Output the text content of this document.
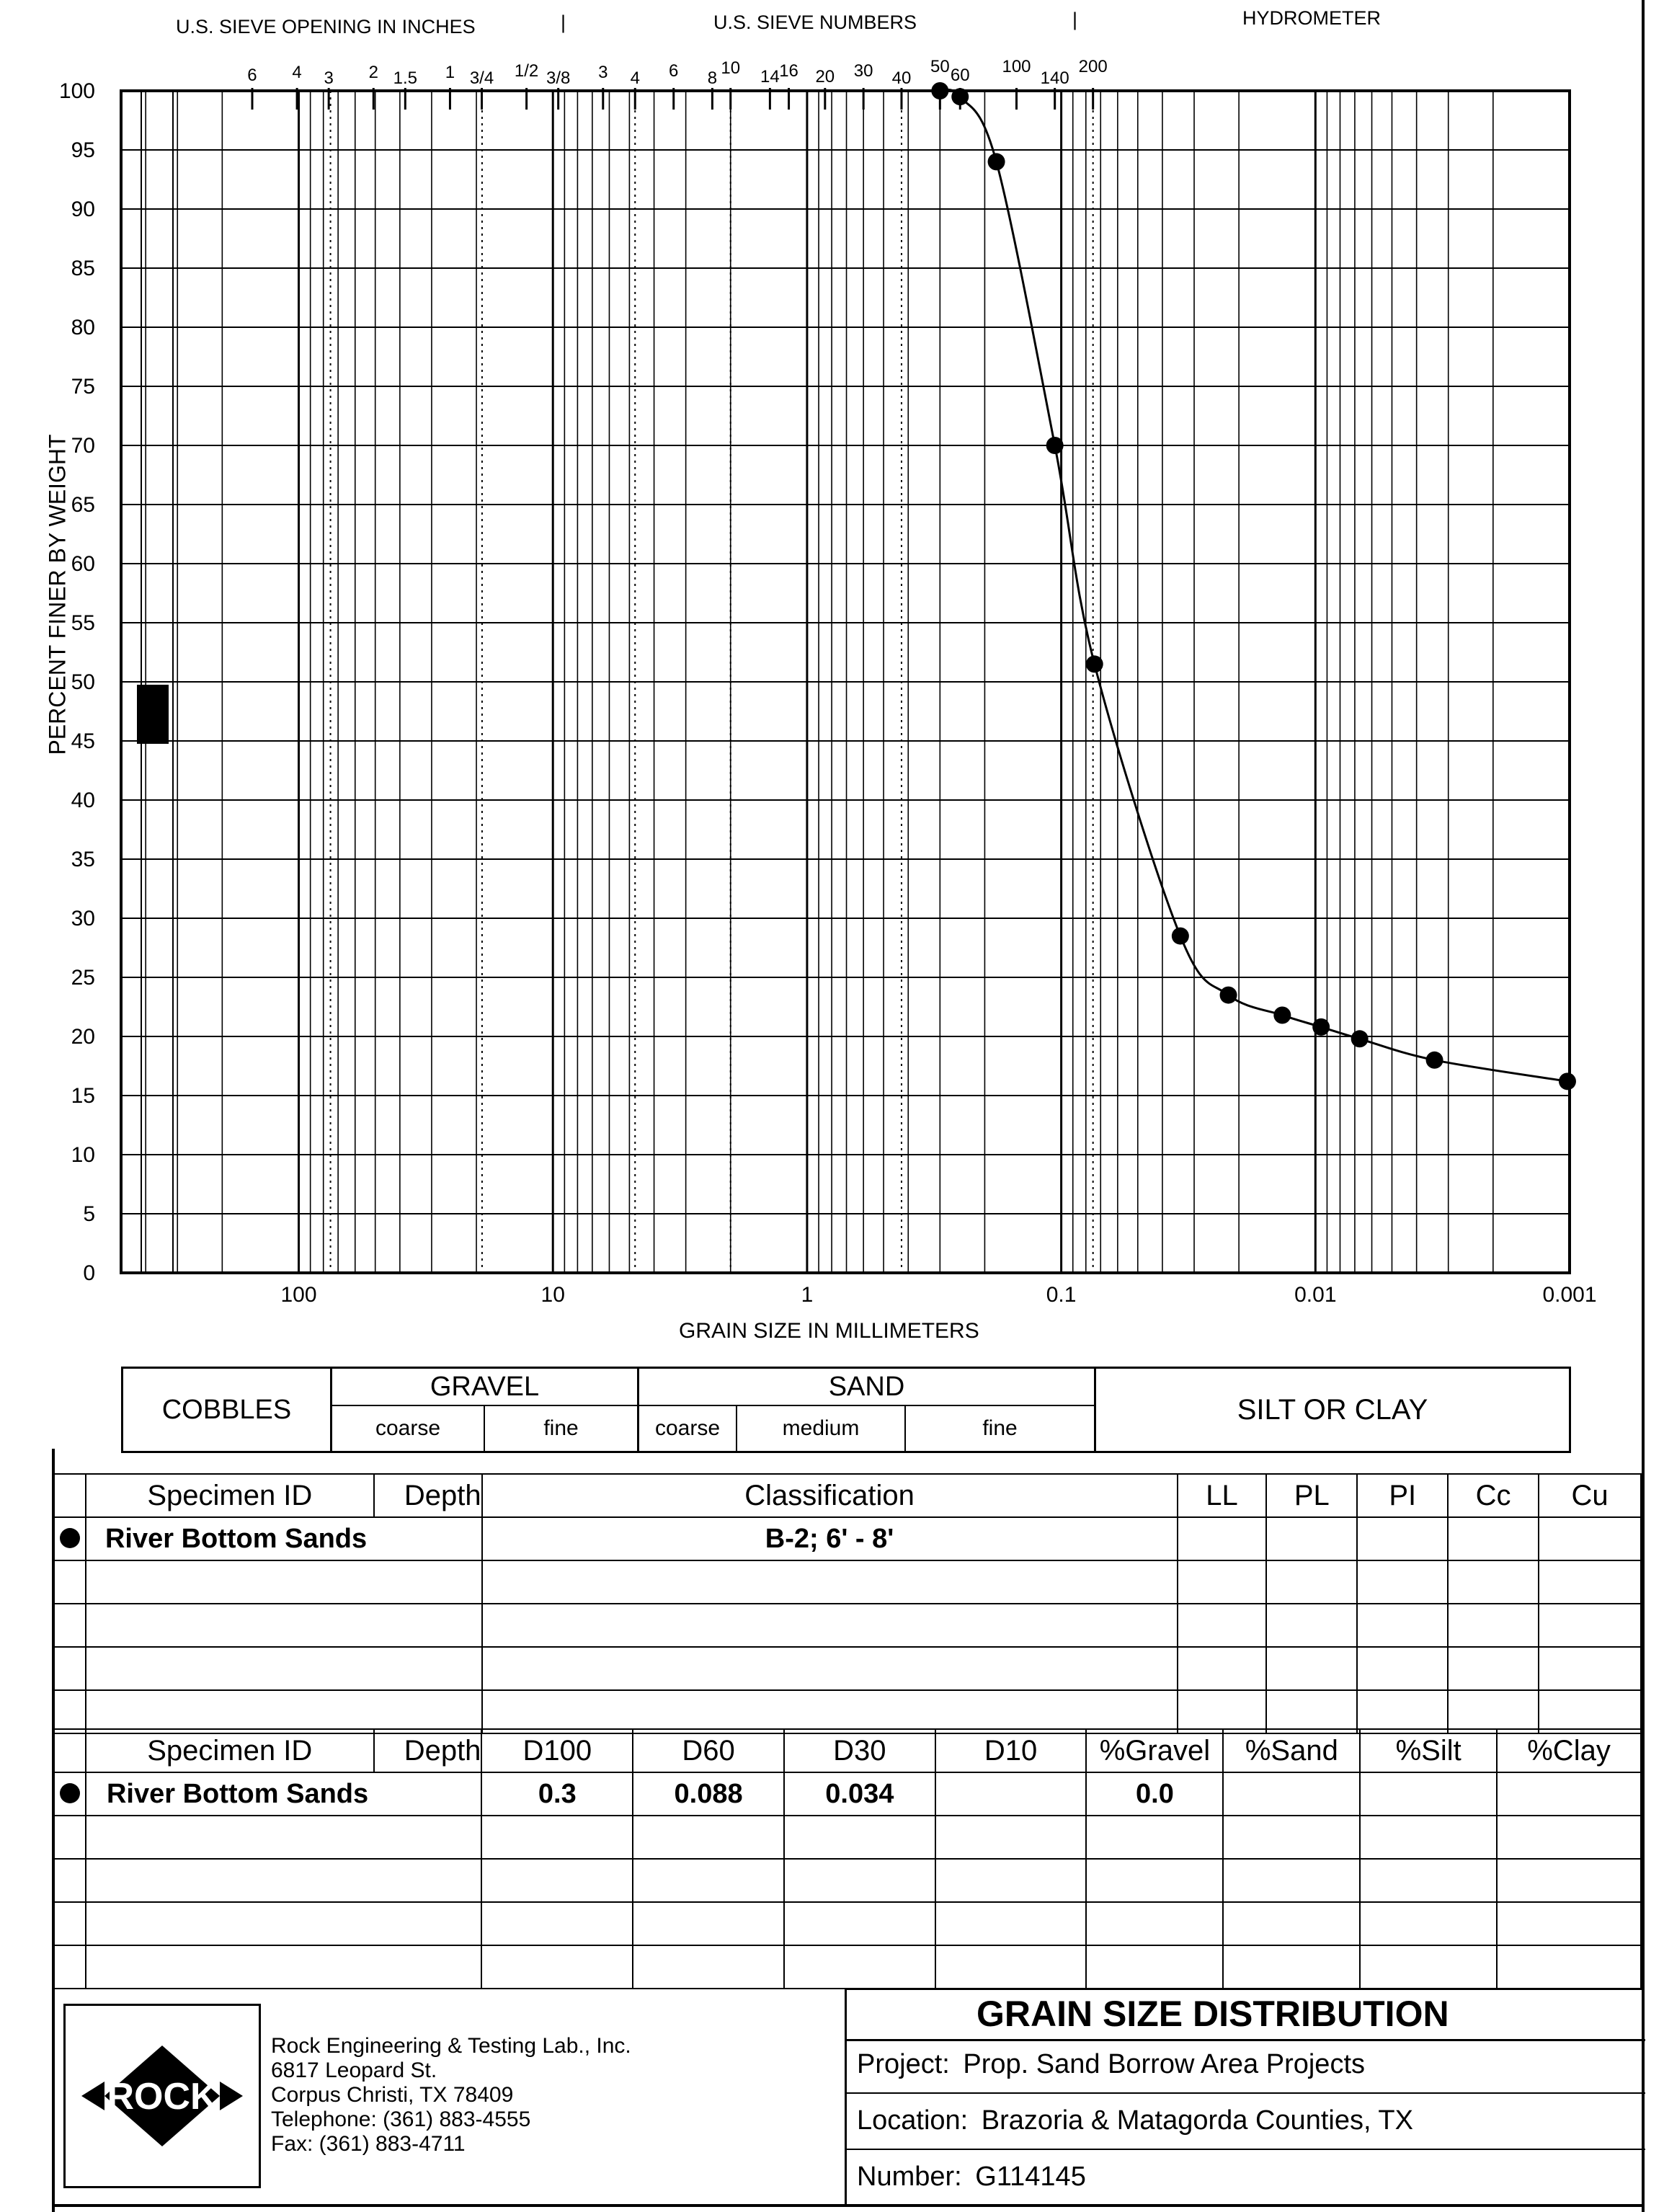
U.S. SIEVE OPENING IN INCHES	|	U.S. SIEVE NUMBERS	|	HYDROMETER
6 4 3 2 1.5 1 3/4 1/2 3/8 3 4 6 8
10 14 16 20 30 40
50 60 100
140
200
0
5
10
15
20
25
30
35
40
45
50
55
60
65
70
75
80
85
90
95
100
100	10	1	0.1	0.01	0.001
PERCENT FINER BY WEIGHT
GRAIN SIZE IN MILLIMETERS
COBBLES
GRAVEL
coarse	fine
SAND
coarse	medium	fine
SILT OR CLAY
	Specimen ID	Depth	Classification	LL	PL	PI	Cc	Cu
	River Bottom Sands		B-2; 6' - 8'					

	Specimen ID	Depth	D100	D60	D30	D10	%Gravel	%Sand	%Silt	%Clay
	River Bottom Sands		0.3	0.088	0.034		0.0			

ROCK
Rock Engineering & Testing Lab., Inc.
6817 Leopard St.
Corpus Christi, TX 78409
Telephone: (361) 883-4555
Fax: (361) 883-4711
GRAIN SIZE DISTRIBUTION
Project: Prop. Sand Borrow Area Projects
Location: Brazoria & Matagorda Counties, TX
Number: G114145
